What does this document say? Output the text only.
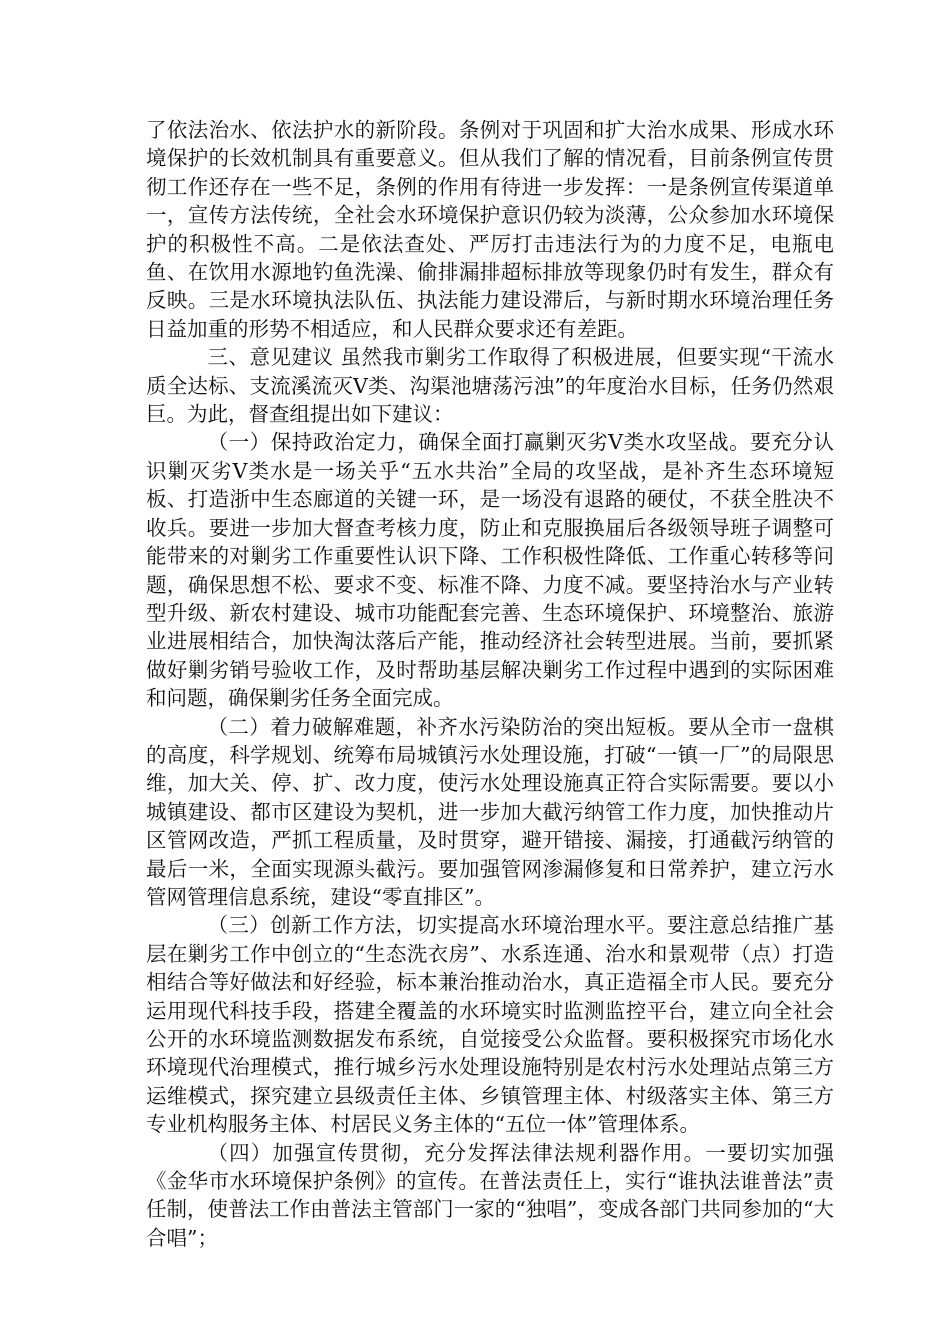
了依法治水、依法护水的新阶段。条例对于巩固和扩大治水成果、形成水环境保护的长效机制具有重要意义。但从我们了解的情况看，目前条例宣传贯彻工作还存在一些不足，条例的作用有待进一步发挥：一是条例宣传渠道单一，宣传方法传统，全社会水环境保护意识仍较为淡薄，公众参加水环境保护的积极性不高。二是依法查处、严厉打击违法行为的力度不足，电瓶电鱼、在饮用水源地钓鱼洗澡、偷排漏排超标排放等现象仍时有发生，群众有反映。三是水环境执法队伍、执法能力建设滞后，与新时期水环境治理任务日益加重的形势不相适应，和人民群众要求还有差距。

三、意见建议 虽然我市剿劣工作取得了积极进展，但要实现“干流水质全达标、支流溪流灭Ⅴ类、沟渠池塘荡污浊”的年度治水目标，任务仍然艰巨。为此，督查组提出如下建议：

（一）保持政治定力，确保全面打赢剿灭劣Ⅴ类水攻坚战。要充分认识剿灭劣Ⅴ类水是一场关乎“五水共治”全局的攻坚战，是补齐生态环境短板、打造浙中生态廊道的关键一环，是一场没有退路的硬仗，不获全胜决不收兵。要进一步加大督查考核力度，防止和克服换届后各级领导班子调整可能带来的对剿劣工作重要性认识下降、工作积极性降低、工作重心转移等问题，确保思想不松、要求不变、标准不降、力度不减。要坚持治水与产业转型升级、新农村建设、城市功能配套完善、生态环境保护、环境整治、旅游业进展相结合，加快淘汰落后产能，推动经济社会转型进展。当前，要抓紧做好剿劣销号验收工作，及时帮助基层解决剿劣工作过程中遇到的实际困难和问题，确保剿劣任务全面完成。

（二）着力破解难题，补齐水污染防治的突出短板。要从全市一盘棋的高度，科学规划、统筹布局城镇污水处理设施，打破“一镇一厂”的局限思维，加大关、停、扩、改力度，使污水处理设施真正符合实际需要。要以小城镇建设、都市区建设为契机，进一步加大截污纳管工作力度，加快推动片区管网改造，严抓工程质量，及时贯穿，避开错接、漏接，打通截污纳管的最后一米，全面实现源头截污。要加强管网渗漏修复和日常养护，建立污水管网管理信息系统，建设“零直排区”。

（三）创新工作方法，切实提高水环境治理水平。要注意总结推广基层在剿劣工作中创立的“生态洗衣房”、水系连通、治水和景观带（点）打造相结合等好做法和好经验，标本兼治推动治水，真正造福全市人民。要充分运用现代科技手段，搭建全覆盖的水环境实时监测监控平台，建立向全社会公开的水环境监测数据发布系统，自觉接受公众监督。要积极探究市场化水环境现代治理模式，推行城乡污水处理设施特别是农村污水处理站点第三方运维模式，探究建立县级责任主体、乡镇管理主体、村级落实主体、第三方专业机构服务主体、村居民义务主体的“五位一体”管理体系。

（四）加强宣传贯彻，充分发挥法律法规利器作用。一要切实加强《金华市水环境保护条例》的宣传。在普法责任上，实行“谁执法谁普法”责任制，使普法工作由普法主管部门一家的“独唱”，变成各部门共同参加的“大合唱”；
